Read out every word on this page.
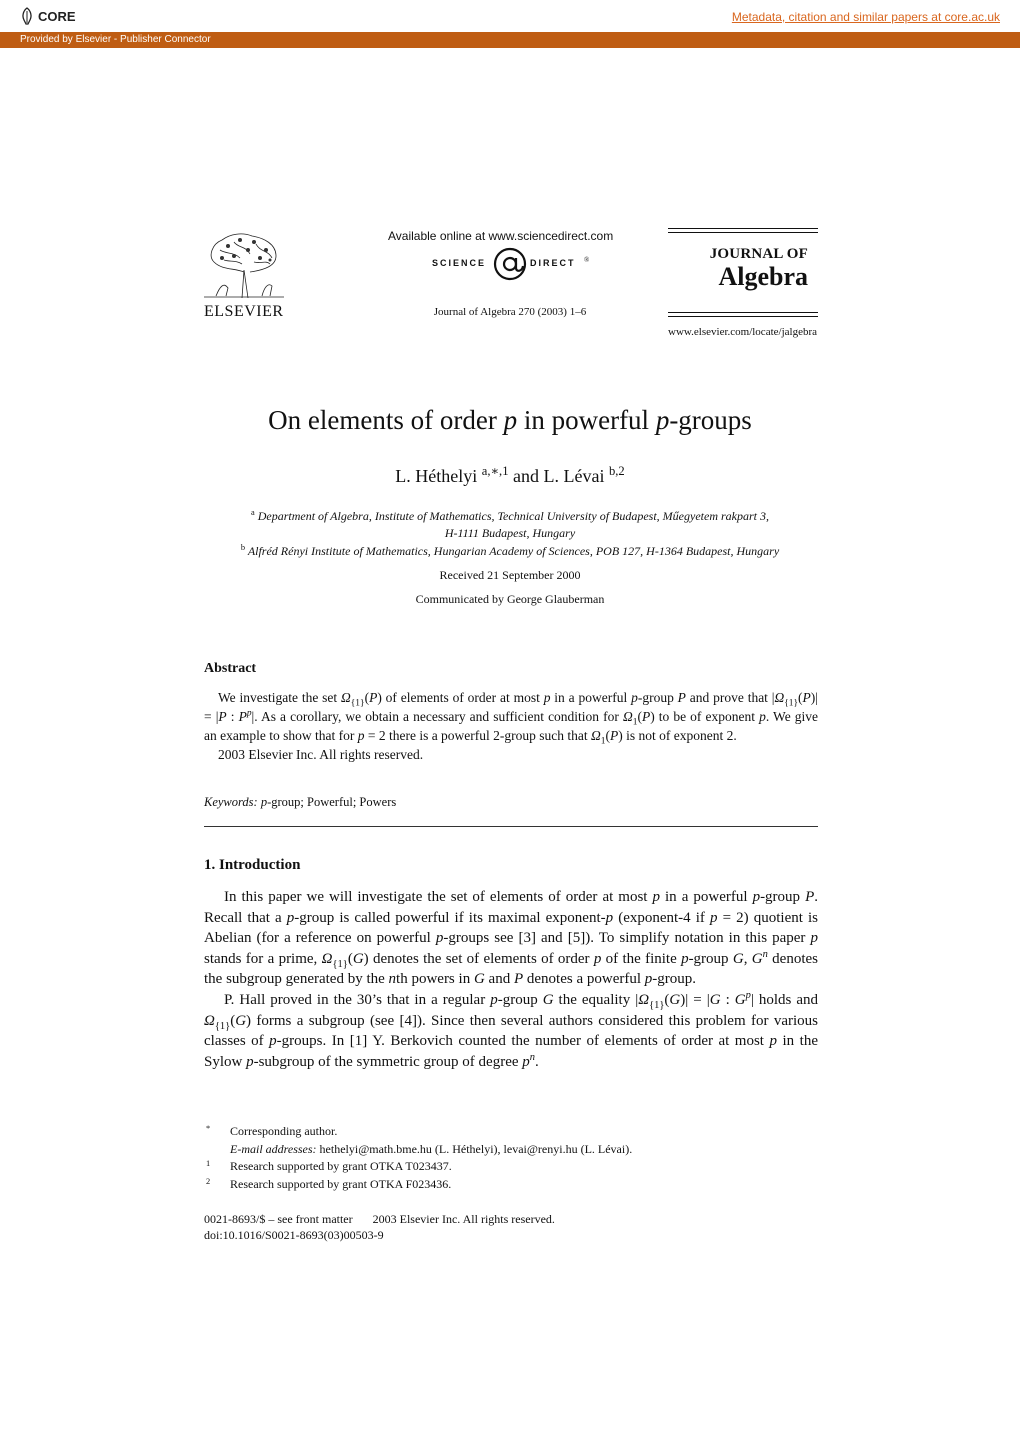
CORE	Metadata, citation and similar papers at core.ac.uk
Provided by Elsevier - Publisher Connector
ELSEVIER
Available online at www.sciencedirect.com
SCIENCE	DIRECT ®
Journal of Algebra 270 (2003) 1–6
JOURNAL OF
Algebra
www.elsevier.com/locate/jalgebra
On elements of order p in powerful p-groups
L. Héthelyi $^{a,∗,1}$ and L. Lévai $^{b,2}$
$^a$ Department of Algebra, Institute of Mathematics, Technical University of Budapest, Műegyetem rakpart 3,
H-1111 Budapest, Hungary
$^b$ Alfréd Rényi Institute of Mathematics, Hungarian Academy of Sciences, POB 127, H-1364 Budapest, Hungary
Received 21 September 2000
Communicated by George Glauberman
Abstract
We investigate the set $\Omega_{\{1\}}(P)$ of elements of order at most p in a powerful p-group P and prove that $|\Omega_{\{1\}}(P)| = |P$ : $P^p|$. As a corollary, we obtain a necessary and sufficient condition for $\Omega_1(P)$ to be of exponent p. We give an example to show that for p = 2 there is a powerful 2-group such that $\Omega_1(P)$ is not of exponent 2.
2003 Elsevier Inc. All rights reserved.
Keywords: p-group; Powerful; Powers
1. Introduction
In this paper we will investigate the set of elements of order at most p in a powerful p-group P. Recall that a p-group is called powerful if its maximal exponent-p (exponent-4 if p = 2) quotient is Abelian (for a reference on powerful p-groups see [3] and [5]). To simplify notation in this paper p stands for a prime, $\Omega_{\{1\}}(G)$ denotes the set of elements of order p of the finite p-group G, $G^n$ denotes the subgroup generated by the nth powers in G and P denotes a powerful p-group.
P. Hall proved in the 30’s that in a regular p-group G the equality $|\Omega_{\{1\}}(G)| = |G$ : $G^p|$ holds and $\Omega_{\{1\}}(G)$ forms a subgroup (see [4]). Since then several authors considered this problem for various classes of p-groups. In [1] Y. Berkovich counted the number of elements of order at most p in the Sylow p-subgroup of the symmetric group of degree $p^n$.
* Corresponding author.
E-mail addresses: hethelyi@math.bme.hu (L. Héthelyi), levai@renyi.hu (L. Lévai).
1 Research supported by grant OTKA T023437.
2 Research supported by grant OTKA F023436.
0021-8693/$ – see front matter 2003 Elsevier Inc. All rights reserved.
doi:10.1016/S0021-8693(03)00503-9
